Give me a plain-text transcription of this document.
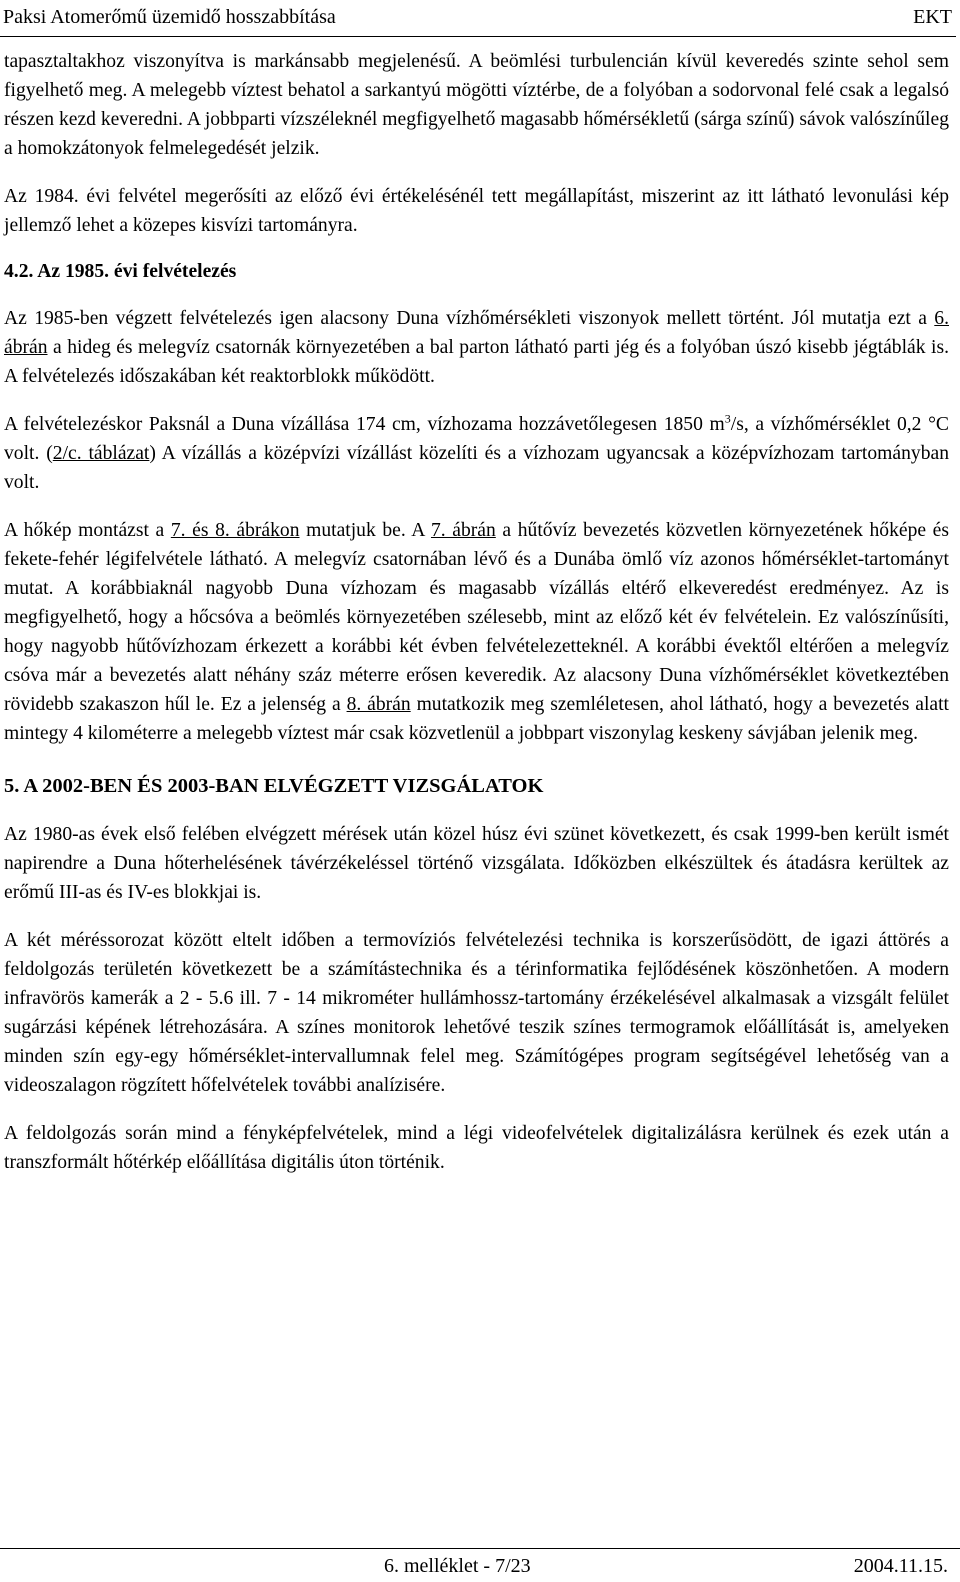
Paksi Atomerőmű üzemidő hosszabbítása	EKT

tapasztaltakhoz viszonyítva is markánsabb megjelenésű. A beömlési turbulencián kívül keveredés szinte sehol sem figyelhető meg. A melegebb víztest behatol a sarkantyú mögötti víztérbe, de a folyóban a sodorvonal felé csak a legalsó részen kezd keveredni. A jobbparti vízszéleknél megfigyelhető magasabb hőmérsékletű (sárga színű) sávok valószínűleg a homokzátonyok felmelegedését jelzik.

Az 1984. évi felvétel megerősíti az előző évi értékelésénél tett megállapítást, miszerint az itt látható levonulási kép jellemző lehet a közepes kisvízi tartományra.

4.2. Az 1985. évi felvételezés

Az 1985-ben végzett felvételezés igen alacsony Duna vízhőmérsékleti viszonyok mellett történt. Jól mutatja ezt a 6. ábrán a hideg és melegvíz csatornák környezetében a bal parton látható parti jég és a folyóban úszó kisebb jégtáblák is. A felvételezés időszakában két reaktorblokk működött.

A felvételezéskor Paksnál a Duna vízállása 174 cm, vízhozama hozzávetőlegesen 1850 $m^3/s$, a vízhőmérséklet 0,2 °C volt. (2/c. táblázat) A vízállás a középvízi vízállást közelíti és a vízhozam ugyancsak a középvízhozam tartományban volt.

A hőkép montázst a 7. és 8. ábrákon mutatjuk be. A 7. ábrán a hűtővíz bevezetés közvetlen környezetének hőképe és fekete-fehér légifelvétele látható. A melegvíz csatornában lévő és a Dunába ömlő víz azonos hőmérséklet-tartományt mutat. A korábbiaknál nagyobb Duna vízhozam és magasabb vízállás eltérő elkeveredést eredményez. Az is megfigyelhető, hogy a hőcsóva a beömlés környezetében szélesebb, mint az előző két év felvételein. Ez valószínűsíti, hogy nagyobb hűtővízhozam érkezett a korábbi két évben felvételezetteknél. A korábbi évektől eltérően a melegvíz csóva már a bevezetés alatt néhány száz méterre erősen keveredik. Az alacsony Duna vízhőmérséklet következtében rövidebb szakaszon hűl le. Ez a jelenség a 8. ábrán mutatkozik meg szemléletesen, ahol látható, hogy a bevezetés alatt mintegy 4 kilométerre a melegebb víztest már csak közvetlenül a jobbpart viszonylag keskeny sávjában jelenik meg.

5. A 2002-BEN ÉS 2003-BAN ELVÉGZETT VIZSGÁLATOK

Az 1980-as évek első felében elvégzett mérések után közel húsz évi szünet következett, és csak 1999-ben került ismét napirendre a Duna hőterhelésének távérzékeléssel történő vizsgálata. Időközben elkészültek és átadásra kerültek az erőmű III-as és IV-es blokkjai is.

A két méréssorozat között eltelt időben a termovíziós felvételezési technika is korszerűsödött, de igazi áttörés a feldolgozás területén következett be a számítástechnika és a térinformatika fejlődésének köszönhetően. A modern infravörös kamerák a 2 - 5.6 ill. 7 - 14 mikrométer hullámhossz-tartomány érzékelésével alkalmasak a vizsgált felület sugárzási képének létrehozására. A színes monitorok lehetővé teszik színes termogramok előállítását is, amelyeken minden szín egy-egy hőmérséklet-intervallumnak felel meg. Számítógépes program segítségével lehetőség van a videoszalagon rögzített hőfelvételek további analízisére.

A feldolgozás során mind a fényképfelvételek, mind a légi videofelvételek digitalizálásra kerülnek és ezek után a transzformált hőtérkép előállítása digitális úton történik.

6. melléklet - 7/23	2004.11.15.
